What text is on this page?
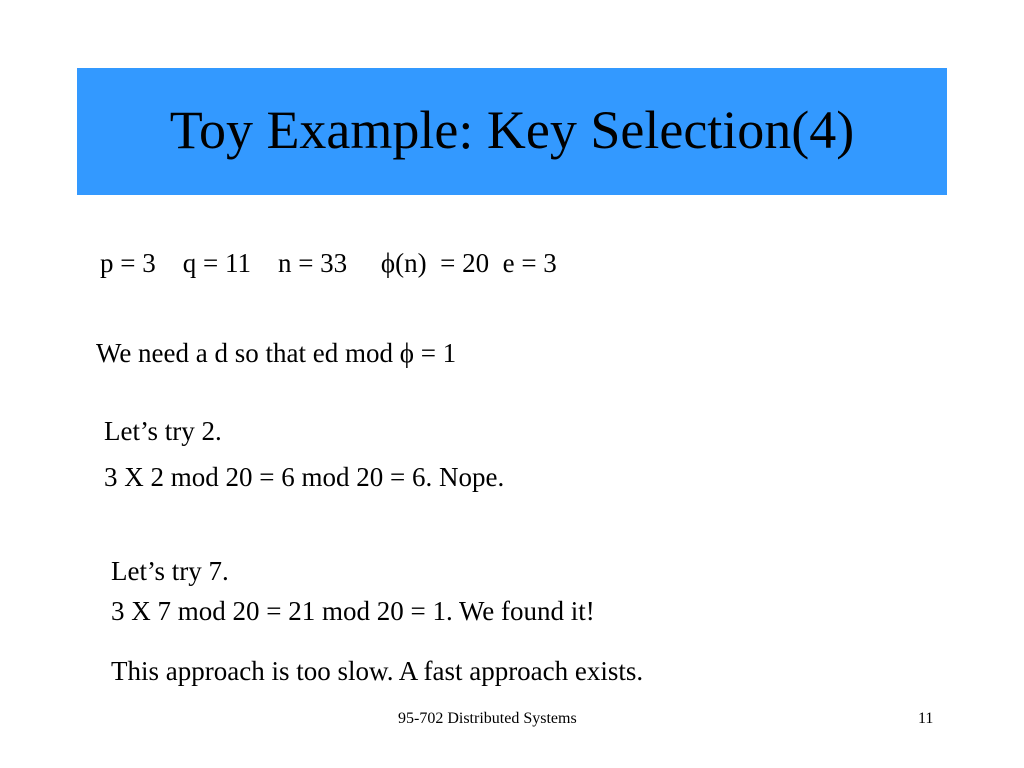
Toy Example: Key Selection(4)
p = 3    q = 11    n = 33     ϕ(n)  = 20  e = 3
We need a d so that ed mod ϕ = 1
Let’s try 2.
3 X 2 mod 20 = 6 mod 20 = 6. Nope.
Let’s try 7.
3 X 7 mod 20 = 21 mod 20 = 1. We found it!
This approach is too slow. A fast approach exists.
95-702 Distributed Systems	11
